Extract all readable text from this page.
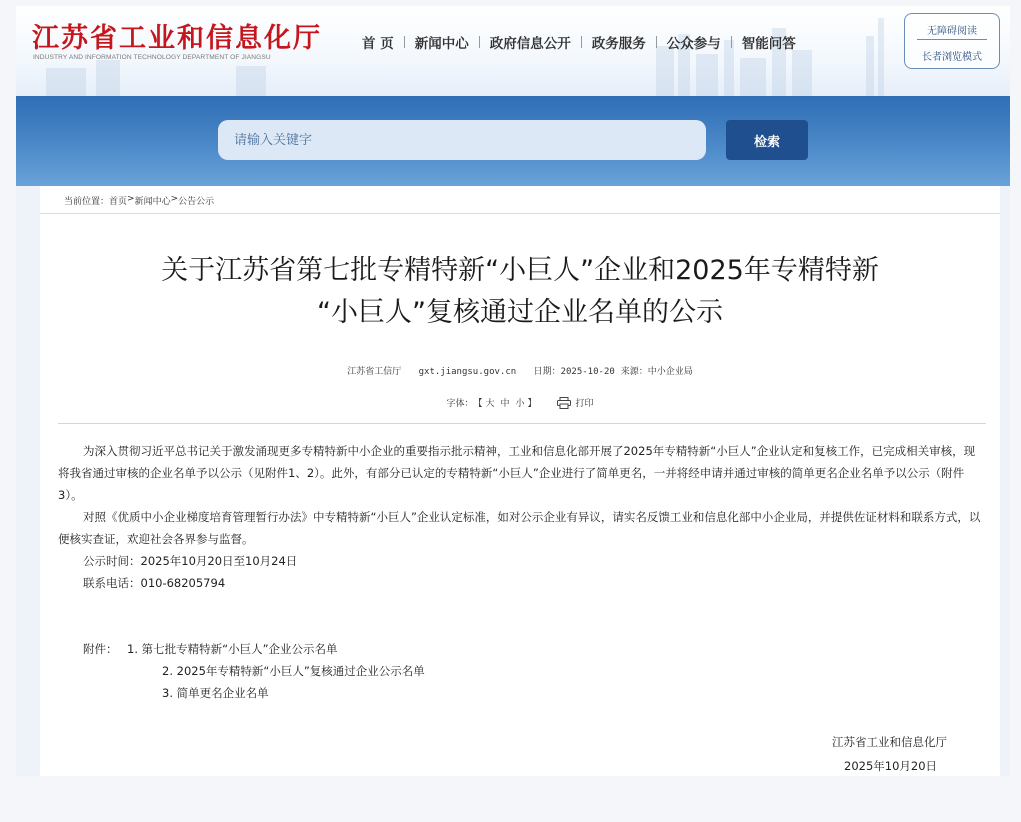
江苏省工业和信息化厅
INDUSTRY AND INFORMATION TECHNOLOGY DEPARTMENT OF JIANGSU
首 页 新闻中心 政府信息公开 政务服务 公众参与 智能问答
无障碍阅读
长者浏览模式
请输入关键字
检索
当前位置： 首页 > 新闻中心 > 公告公示
关于江苏省第七批专精特新“小巨人”企业和2025年专精特新
“小巨人”复核通过企业名单的公示
江苏省工信厅 gxt.jiangsu.gov.cn 日期：2025-10-20 来源：中小企业局
字体： 【 大 中 小 】	打印

为深入贯彻习近平总书记关于激发涌现更多专精特新中小企业的重要指示批示精神，工业和信息化部开展了2025年专精特新“小巨人”企业认定和复核工作，已完成相关审核，现将我省通过审核的企业名单予以公示（见附件1、2）。此外，有部分已认定的专精特新“小巨人”企业进行了简单更名，一并将经申请并通过审核的简单更名企业名单予以公示（附件3）。

对照《优质中小企业梯度培育管理暂行办法》中专精特新“小巨人”企业认定标准，如对公示企业有异议，请实名反馈工业和信息化部中小企业局，并提供佐证材料和联系方式，以便核实查证，欢迎社会各界参与监督。

公示时间：2025年10月20日至10月24日

联系电话：010-68205794

附件： 1. 第七批专精特新“小巨人”企业公示名单
2. 2025年专精特新“小巨人”复核通过企业公示名单
3. 简单更名企业名单
江苏省工业和信息化厅
2025年10月20日
